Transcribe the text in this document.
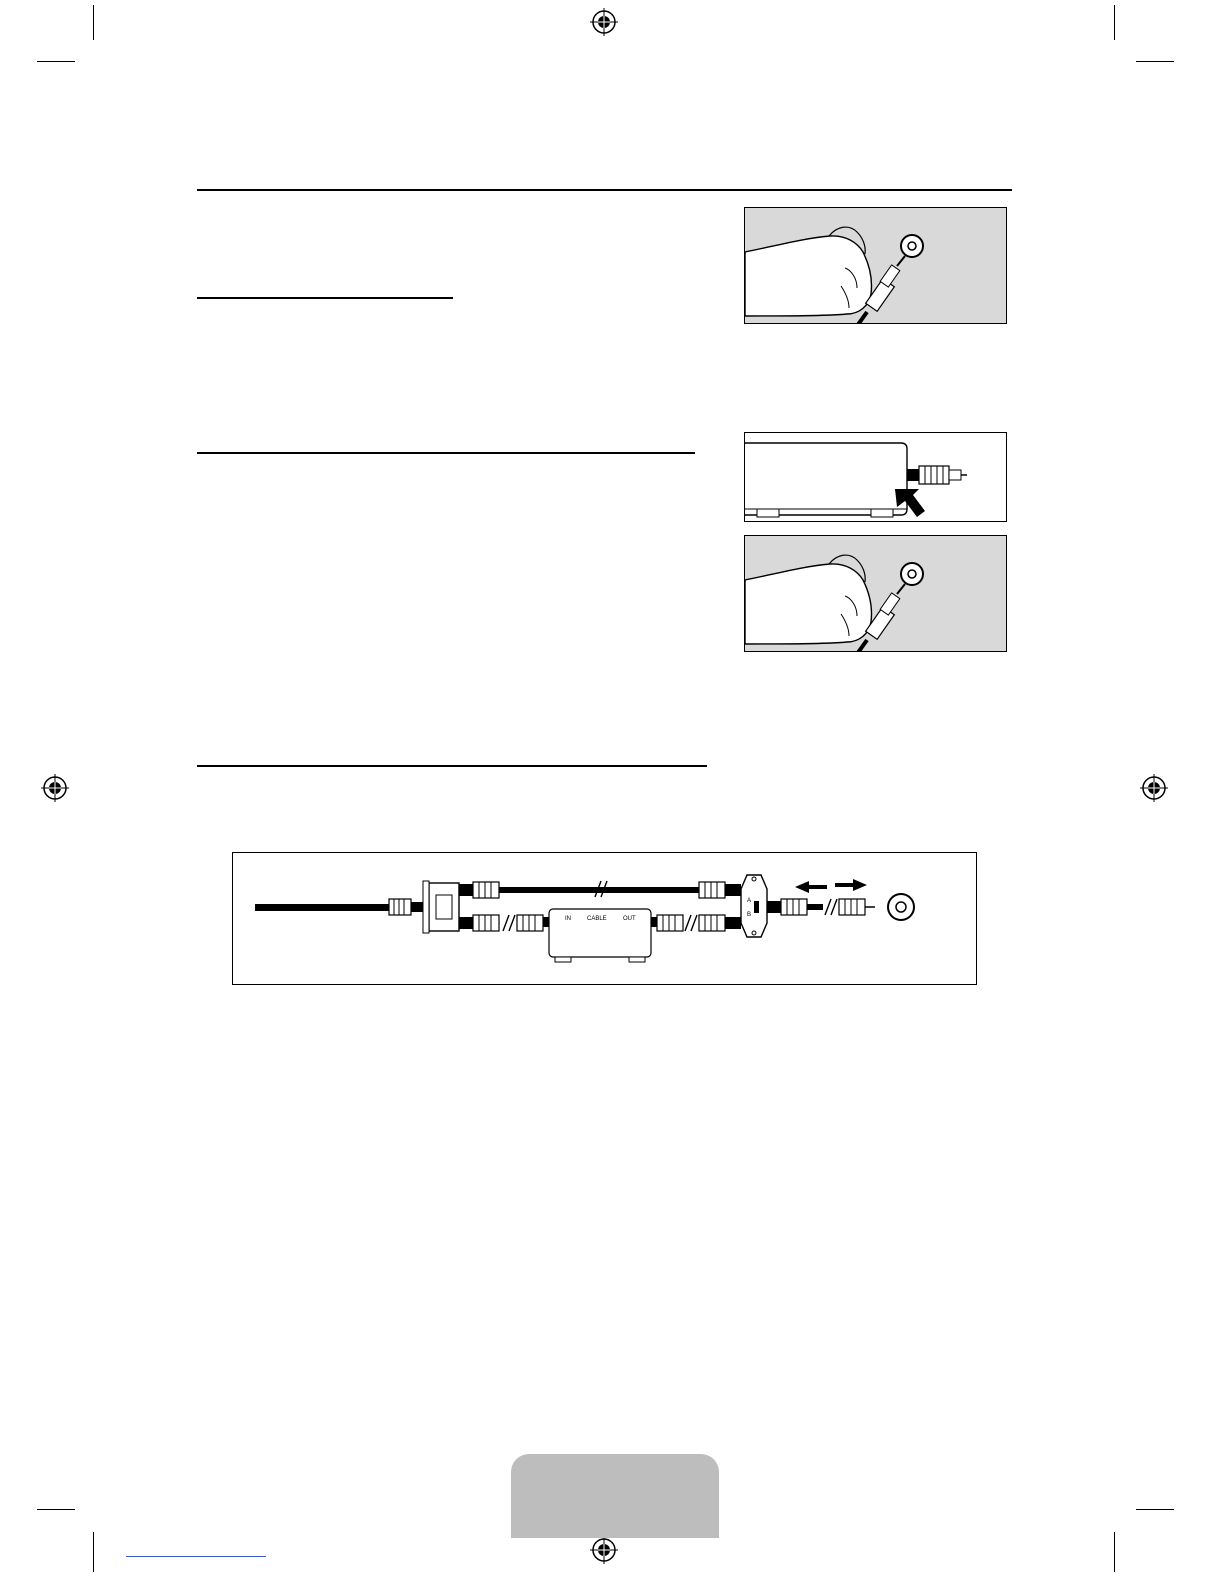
IN	CABLE	OUT
A
B
